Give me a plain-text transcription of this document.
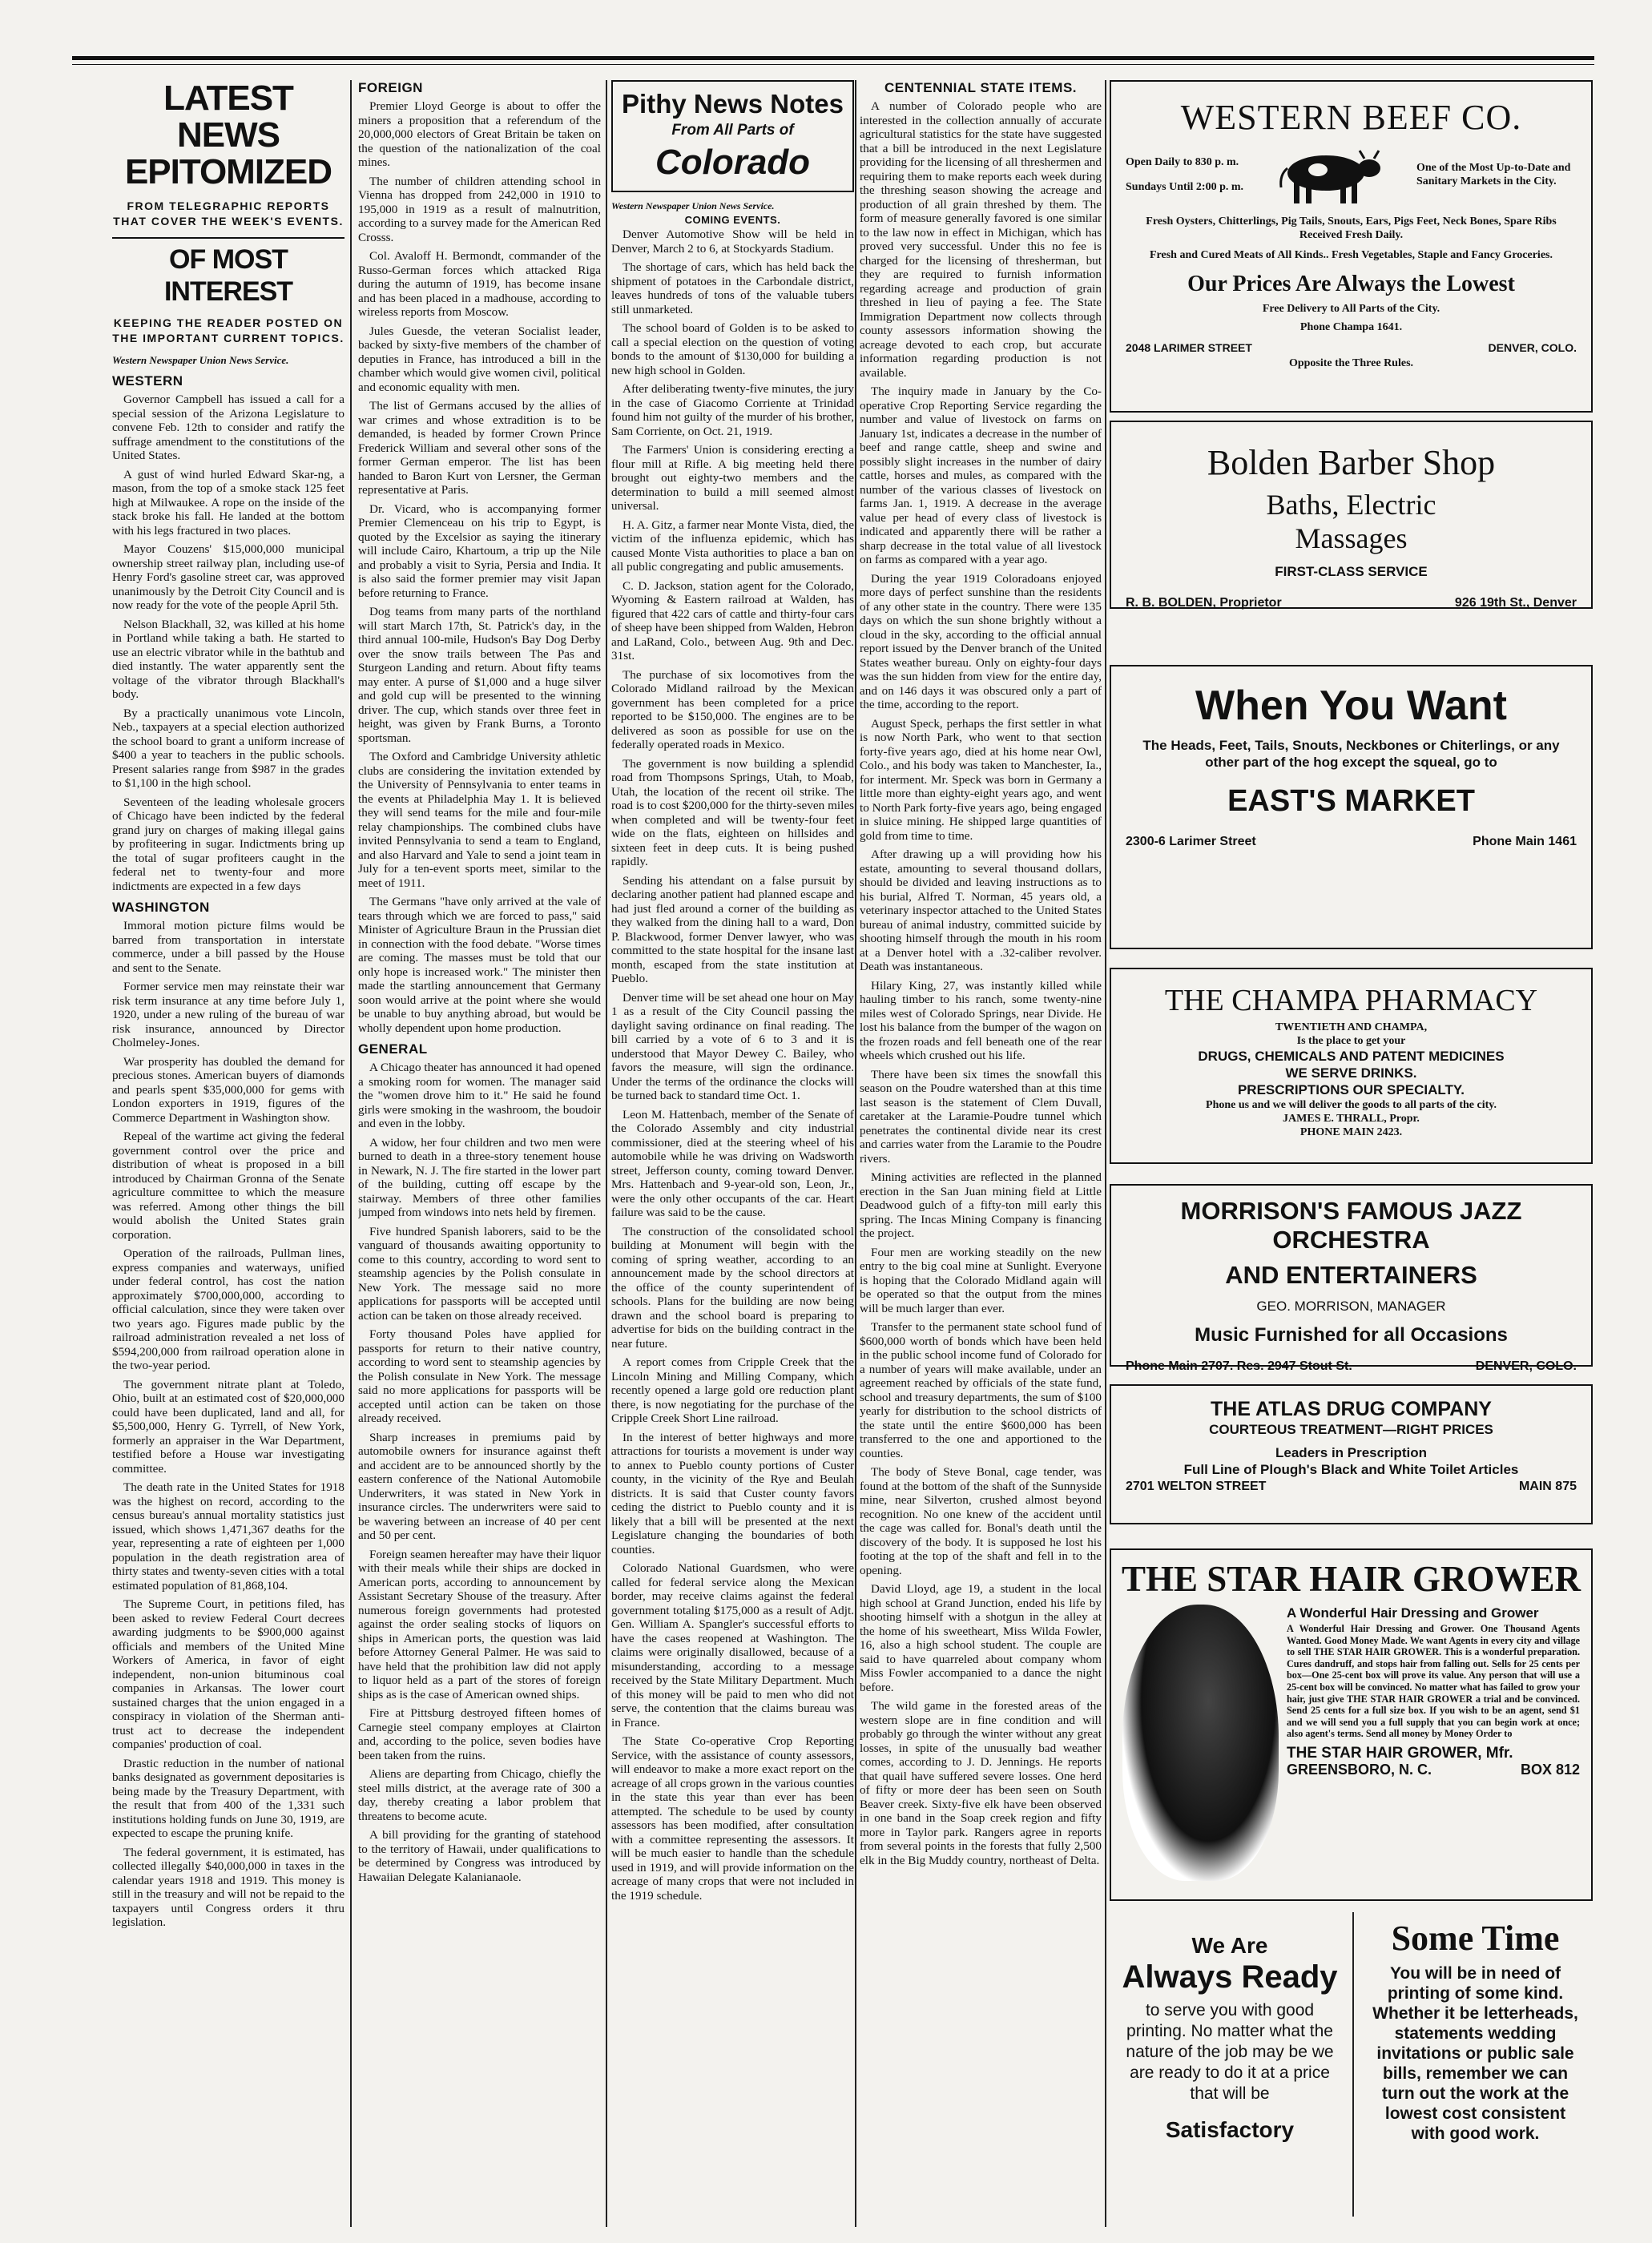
LATEST NEWS EPITOMIZED
FROM TELEGRAPHIC REPORTS THAT COVER THE WEEK'S EVENTS.
OF MOST INTEREST
KEEPING THE READER POSTED ON THE IMPORTANT CURRENT TOPICS.
Western Newspaper Union News Service.
WESTERN

Governor Campbell has issued a call for a special session of the Arizona Legislature to convene Feb. 12th to consider and ratify the suffrage amendment to the constitutions of the United States.

A gust of wind hurled Edward Skar-ng, a mason, from the top of a smoke stack 125 feet high at Milwaukee. A rope on the inside of the stack broke his fall. He landed at the bottom with his legs fractured in two places.

Mayor Couzens' $15,000,000 municipal ownership street railway plan, including use-of Henry Ford's gasoline street car, was approved unanimously by the Detroit City Council and is now ready for the vote of the people April 5th.

Nelson Blackhall, 32, was killed at his home in Portland while taking a bath. He started to use an electric vibrator while in the bathtub and died instantly. The water apparently sent the voltage of the vibrator through Blackhall's body.

By a practically unanimous vote Lincoln, Neb., taxpayers at a special election authorized the school board to grant a uniform increase of $400 a year to teachers in the public schools. Present salaries range from $987 in the grades to $1,100 in the high school.

Seventeen of the leading wholesale grocers of Chicago have been indicted by the federal grand jury on charges of making illegal gains by profiteering in sugar. Indictments bring up the total of sugar profiteers caught in the federal net to twenty-four and more indictments are expected in a few days

WASHINGTON

Immoral motion picture films would be barred from transportation in interstate commerce, under a bill passed by the House and sent to the Senate.

Former service men may reinstate their war risk term insurance at any time before July 1, 1920, under a new ruling of the bureau of war risk insurance, announced by Director Cholmeley-Jones.

War prosperity has doubled the demand for precious stones. American buyers of diamonds and pearls spent $35,000,000 for gems with London exporters in 1919, figures of the Commerce Department in Washington show.

Repeal of the wartime act giving the federal government control over the price and distribution of wheat is proposed in a bill introduced by Chairman Gronna of the Senate agriculture committee to which the measure was referred. Among other things the bill would abolish the United States grain corporation.

Operation of the railroads, Pullman lines, express companies and waterways, unified under federal control, has cost the nation approximately $700,000,000, according to official calculation, since they were taken over two years ago. Figures made public by the railroad administration revealed a net loss of $594,200,000 from railroad operation alone in the two-year period.

The government nitrate plant at Toledo, Ohio, built at an estimated cost of $20,000,000 could have been duplicated, land and all, for $5,500,000, Henry G. Tyrrell, of New York, formerly an appraiser in the War Department, testified before a House war investigating committee.

The death rate in the United States for 1918 was the highest on record, according to the census bureau's annual mortality statistics just issued, which shows 1,471,367 deaths for the year, representing a rate of eighteen per 1,000 population in the death registration area of thirty states and twenty-seven cities with a total estimated population of 81,868,104.

The Supreme Court, in petitions filed, has been asked to review Federal Court decrees awarding judgments to be $900,000 against officials and members of the United Mine Workers of America, in favor of eight independent, non-union bituminous coal companies in Arkansas. The lower court sustained charges that the union engaged in a conspiracy in violation of the Sherman anti-trust act to decrease the independent companies' production of coal.

Drastic reduction in the number of national banks designated as government depositaries is being made by the Treasury Department, with the result that from 400 of the 1,331 such institutions holding funds on June 30, 1919, are expected to escape the pruning knife.

The federal government, it is estimated, has collected illegally $40,000,000 in taxes in the calendar years 1918 and 1919. This money is still in the treasury and will not be repaid to the taxpayers until Congress orders it thru legislation.

FOREIGN

Premier Lloyd George is about to offer the miners a proposition that a referendum of the 20,000,000 electors of Great Britain be taken on the question of the nationalization of the coal mines.

The number of children attending school in Vienna has dropped from 242,000 in 1910 to 195,000 in 1919 as a result of malnutrition, according to a survey made for the American Red Crosss.

Col. Avaloff H. Bermondt, commander of the Russo-German forces which attacked Riga during the autumn of 1919, has become insane and has been placed in a madhouse, according to wireless reports from Moscow.

Jules Guesde, the veteran Socialist leader, backed by sixty-five members of the chamber of deputies in France, has introduced a bill in the chamber which would give women civil, political and economic equality with men.

The list of Germans accused by the allies of war crimes and whose extradition is to be demanded, is headed by former Crown Prince Frederick William and several other sons of the former German emperor. The list has been handed to Baron Kurt von Lersner, the German representative at Paris.

Dr. Vicard, who is accompanying former Premier Clemenceau on his trip to Egypt, is quoted by the Excelsior as saying the itinerary will include Cairo, Khartoum, a trip up the Nile and probably a visit to Syria, Persia and India. It is also said the former premier may visit Japan before returning to France.

Dog teams from many parts of the northland will start March 17th, St. Patrick's day, in the third annual 100-mile, Hudson's Bay Dog Derby over the snow trails between The Pas and Sturgeon Landing and return. About fifty teams may enter. A purse of $1,000 and a huge silver and gold cup will be presented to the winning driver. The cup, which stands over three feet in height, was given by Frank Burns, a Toronto sportsman.

The Oxford and Cambridge University athletic clubs are considering the invitation extended by the University of Pennsylvania to enter teams in the events at Philadelphia May 1. It is believed they will send teams for the mile and four-mile relay championships. The combined clubs have invited Pennsylvania to send a team to England, and also Harvard and Yale to send a joint team in July for a ten-event sports meet, similar to the meet of 1911.

The Germans "have only arrived at the vale of tears through which we are forced to pass," said Minister of Agriculture Braun in the Prussian diet in connection with the food debate. "Worse times are coming. The masses must be told that our only hope is increased work." The minister then made the startling announcement that Germany soon would arrive at the point where she would be unable to buy anything abroad, but would be wholly dependent upon home production.

GENERAL

A Chicago theater has announced it had opened a smoking room for women. The manager said the "women drove him to it." He said he found girls were smoking in the washroom, the boudoir and even in the lobby.

A widow, her four children and two men were burned to death in a three-story tenement house in Newark, N. J. The fire started in the lower part of the building, cutting off escape by the stairway. Members of three other families jumped from windows into nets held by firemen.

Five hundred Spanish laborers, said to be the vanguard of thousands awaiting opportunity to come to this country, according to word sent to steamship agencies by the Polish consulate in New York. The message said no more applications for passports will be accepted until action can be taken on those already received.

Forty thousand Poles have applied for passports for return to their native country, according to word sent to steamship agencies by the Polish consulate in New York. The message said no more applications for passports will be accepted until action can be taken on those already received.

Sharp increases in premiums paid by automobile owners for insurance against theft and accident are to be announced shortly by the eastern conference of the National Automobile Underwriters, it was stated in New York in insurance circles. The underwriters were said to be wavering between an increase of 40 per cent and 50 per cent.

Foreign seamen hereafter may have their liquor with their meals while their ships are docked in American ports, according to announcement by Assistant Secretary Shouse of the treasury. After numerous foreign governments had protested against the order sealing stocks of liquors on ships in American ports, the question was laid before Attorney General Palmer. He was said to have held that the prohibition law did not apply to liquor held as a part of the stores of foreign ships as is the case of American owned ships.

Fire at Pittsburg destroyed fifteen homes of Carnegie steel company employes at Clairton and, according to the police, seven bodies have been taken from the ruins.

Aliens are departing from Chicago, chiefly the steel mills district, at the average rate of 300 a day, thereby creating a labor problem that threatens to become acute.

A bill providing for the granting of statehood to the territory of Hawaii, under qualifications to be determined by Congress was introduced by Hawaiian Delegate Kalanianaole.

Pithy News Notes
From All Parts of
Colorado
Western Newspaper Union News Service.
COMING EVENTS.

Denver Automotive Show will be held in Denver, March 2 to 6, at Stockyards Stadium.

The shortage of cars, which has held back the shipment of potatoes in the Carbondale district, leaves hundreds of tons of the valuable tubers still unmarketed.

The school board of Golden is to be asked to call a special election on the question of voting bonds to the amount of $130,000 for building a new high school in Golden.

After deliberating twenty-five minutes, the jury in the case of Giacomo Corriente at Trinidad found him not guilty of the murder of his brother, Sam Corriente, on Oct. 21, 1919.

The Farmers' Union is considering erecting a flour mill at Rifle. A big meeting held there brought out eighty-two members and the determination to build a mill seemed almost universal.

H. A. Gitz, a farmer near Monte Vista, died, the victim of the influenza epidemic, which has caused Monte Vista authorities to place a ban on all public congregating and public amusements.

C. D. Jackson, station agent for the Colorado, Wyoming & Eastern railroad at Walden, has figured that 422 cars of cattle and thirty-four cars of sheep have been shipped from Walden, Hebron and LaRand, Colo., between Aug. 9th and Dec. 31st.

The purchase of six locomotives from the Colorado Midland railroad by the Mexican government has been completed for a price reported to be $150,000. The engines are to be delivered as soon as possible for use on the federally operated roads in Mexico.

The government is now building a splendid road from Thompsons Springs, Utah, to Moab, Utah, the location of the recent oil strike. The road is to cost $200,000 for the thirty-seven miles when completed and will be twenty-four feet wide on the flats, eighteen on hillsides and sixteen feet in deep cuts. It is being pushed rapidly.

Sending his attendant on a false pursuit by declaring another patient had planned escape and had just fled around a corner of the building as they walked from the dining hall to a ward, Don P. Blackwood, former Denver lawyer, who was committed to the state hospital for the insane last month, escaped from the state institution at Pueblo.

Denver time will be set ahead one hour on May 1 as a result of the City Council passing the daylight saving ordinance on final reading. The bill carried by a vote of 6 to 3 and it is understood that Mayor Dewey C. Bailey, who favors the measure, will sign the ordinance. Under the terms of the ordinance the clocks will be turned back to standard time Oct. 1.

Leon M. Hattenbach, member of the Senate of the Colorado Assembly and city industrial commissioner, died at the steering wheel of his automobile while he was driving on Wadsworth street, Jefferson county, coming toward Denver. Mrs. Hattenbach and 9-year-old son, Leon, Jr., were the only other occupants of the car. Heart failure was said to be the cause.

The construction of the consolidated school building at Monument will begin with the coming of spring weather, according to an announcement made by the school directors at the office of the county superintendent of schools. Plans for the building are now being drawn and the school board is preparing to advertise for bids on the building contract in the near future.

A report comes from Cripple Creek that the Lincoln Mining and Milling Company, which recently opened a large gold ore reduction plant there, is now negotiating for the purchase of the Cripple Creek Short Line railroad.

In the interest of better highways and more attractions for tourists a movement is under way to annex to Pueblo county portions of Custer county, in the vicinity of the Rye and Beulah districts. It is said that Custer county favors ceding the district to Pueblo county and it is likely that a bill will be presented at the next Legislature changing the boundaries of both counties.

Colorado National Guardsmen, who were called for federal service along the Mexican border, may receive claims against the federal government totaling $175,000 as a result of Adjt. Gen. William A. Spangler's successful efforts to have the cases reopened at Washington. The claims were originally disallowed, because of a misunderstanding, according to a message received by the State Military Department. Much of this money will be paid to men who did not serve, the contention that the claims bureau was in France.

The State Co-operative Crop Reporting Service, with the assistance of county assessors, will endeavor to make a more exact report on the acreage of all crops grown in the various counties in the state this year than ever has been attempted. The schedule to be used by county assessors has been modified, after consultation with a committee representing the assessors. It will be much easier to handle than the schedule used in 1919, and will provide information on the acreage of many crops that were not included in the 1919 schedule.

CENTENNIAL STATE ITEMS.

A number of Colorado people who are interested in the collection annually of accurate agricultural statistics for the state have suggested that a bill be introduced in the next Legislature providing for the licensing of all threshermen and requiring them to make reports each week during the threshing season showing the acreage and production of all grain threshed by them. The form of measure generally favored is one similar to the law now in effect in Michigan, which has proved very successful. Under this no fee is charged for the licensing of thresherman, but they are required to furnish information regarding acreage and production of grain threshed in lieu of paying a fee. The State Immigration Department now collects through county assessors information showing the acreage devoted to each crop, but accurate information regarding production is not available.

The inquiry made in January by the Co-operative Crop Reporting Service regarding the number and value of livestock on farms on January 1st, indicates a decrease in the number of beef and range cattle, sheep and swine and possibly slight increases in the number of dairy cattle, horses and mules, as compared with the number of the various classes of livestock on farms Jan. 1, 1919. A decrease in the average value per head of every class of livestock is indicated and apparently there will be rather a sharp decrease in the total value of all livestock on farms as compared with a year ago.

During the year 1919 Coloradoans enjoyed more days of perfect sunshine than the residents of any other state in the country. There were 135 days on which the sun shone brightly without a cloud in the sky, according to the official annual report issued by the Denver branch of the United States weather bureau. Only on eighty-four days was the sun hidden from view for the entire day, and on 146 days it was obscured only a part of the time, according to the report.

August Speck, perhaps the first settler in what is now North Park, who went to that section forty-five years ago, died at his home near Owl, Colo., and his body was taken to Manchester, Ia., for interment. Mr. Speck was born in Germany a little more than eighty-eight years ago, and went to North Park forty-five years ago, being engaged in sluice mining. He shipped large quantities of gold from time to time.

After drawing up a will providing how his estate, amounting to several thousand dollars, should be divided and leaving instructions as to his burial, Alfred T. Norman, 45 years old, a veterinary inspector attached to the United States bureau of animal industry, committed suicide by shooting himself through the mouth in his room at a Denver hotel with a .32-caliber revolver. Death was instantaneous.

Hilary King, 27, was instantly killed while hauling timber to his ranch, some twenty-nine miles west of Colorado Springs, near Divide. He lost his balance from the bumper of the wagon on the frozen roads and fell beneath one of the rear wheels which crushed out his life.

There have been six times the snowfall this season on the Poudre watershed than at this time last season is the statement of Clem Duvall, caretaker at the Laramie-Poudre tunnel which penetrates the continental divide near its crest and carries water from the Laramie to the Poudre rivers.

Mining activities are reflected in the planned erection in the San Juan mining field at Little Deadwood gulch of a fifty-ton mill early this spring. The Incas Mining Company is financing the project.

Four men are working steadily on the new entry to the big coal mine at Sunlight. Everyone is hoping that the Colorado Midland again will be operated so that the output from the mines will be much larger than ever.

Transfer to the permanent state school fund of $600,000 worth of bonds which have been held in the public school income fund of Colorado for a number of years will make available, under an agreement reached by officials of the state fund, school and treasury departments, the sum of $100 yearly for distribution to the school districts of the state until the entire $600,000 has been transferred to the one and apportioned to the counties.

The body of Steve Bonal, cage tender, was found at the bottom of the shaft of the Sunnyside mine, near Silverton, crushed almost beyond recognition. No one knew of the accident until the cage was called for. Bonal's death until the discovery of the body. It is supposed he lost his footing at the top of the shaft and fell in to the opening.

David Lloyd, age 19, a student in the local high school at Grand Junction, ended his life by shooting himself with a shotgun in the alley at the home of his sweetheart, Miss Wilda Fowler, 16, also a high school student. The couple are said to have quarreled about company whom Miss Fowler accompanied to a dance the night before.

The wild game in the forested areas of the western slope are in fine condition and will probably go through the winter without any great losses, in spite of the unusually bad weather comes, according to J. D. Jennings. He reports that quail have suffered severe losses. One herd of fifty or more deer has been seen on South Beaver creek. Sixty-five elk have been observed in one band in the Soap creek region and fifty more in Taylor park. Rangers agree in reports from several points in the forests that fully 2,500 elk in the Big Muddy country, northeast of Delta.

WESTERN BEEF CO.
Open Daily to 830 p. m.
Sundays Until 2:00 p. m.
One of the Most Up-to-Date and Sanitary Markets in the City.
Fresh Oysters, Chitterlings, Pig Tails, Snouts, Ears, Pigs Feet, Neck Bones, Spare Ribs Received Fresh Daily.
Fresh and Cured Meats of All Kinds.. Fresh Vegetables, Staple and Fancy Groceries.
Our Prices Are Always the Lowest
Free Delivery to All Parts of the City.
Phone Champa 1641.
2048 LARIMER STREET	DENVER, COLO.
Opposite the Three Rules.
Bolden Barber Shop
Baths, Electric
Massages
FIRST-CLASS SERVICE
R. B. BOLDEN, Proprietor	926 19th St., Denver
When You Want
The Heads, Feet, Tails, Snouts, Neckbones or Chiterlings, or any other part of the hog except the squeal, go to
EAST'S MARKET
2300-6 Larimer Street	Phone Main 1461
THE CHAMPA PHARMACY
TWENTIETH AND CHAMPA,
Is the place to get your
DRUGS, CHEMICALS AND PATENT MEDICINES
WE SERVE DRINKS.
PRESCRIPTIONS OUR SPECIALTY.
Phone us and we will deliver the goods to all parts of the city.
JAMES E. THRALL, Propr.
PHONE MAIN 2423.
MORRISON'S FAMOUS JAZZ ORCHESTRA
AND ENTERTAINERS
GEO. MORRISON, MANAGER
Music Furnished for all Occasions
Phone Main 2707. Res. 2947 Stout St.	DENVER, COLO.
THE ATLAS DRUG COMPANY
COURTEOUS TREATMENT—RIGHT PRICES
Leaders in Prescription
Full Line of Plough's Black and White Toilet Articles
2701 WELTON STREET	MAIN 875
THE STAR HAIR GROWER
A Wonderful Hair Dressing and Grower
A Wonderful Hair Dressing and Grower. One Thousand Agents Wanted. Good Money Made. We want Agents in every city and village to sell THE STAR HAIR GROWER. This is a wonderful preparation. Cures dandruff, and stops hair from falling out. Sells for 25 cents per box—One 25-cent box will prove its value. Any person that will use a 25-cent box will be convinced. No matter what has failed to grow your hair, just give THE STAR HAIR GROWER a trial and be convinced. Send 25 cents for a full size box. If you wish to be an agent, send $1 and we will send you a full supply that you can begin work at once; also agent's terms. Send all money by Money Order to
THE STAR HAIR GROWER, Mfr.
GREENSBORO, N. C.	BOX 812
We Are
Always Ready
to serve you with good printing. No matter what the nature of the job may be we are ready to do it at a price that will be
Satisfactory
Some Time
You will be in need of printing of some kind. Whether it be letterheads, statements wedding invitations or public sale bills, remember we can turn out the work at the lowest cost consistent with good work.
